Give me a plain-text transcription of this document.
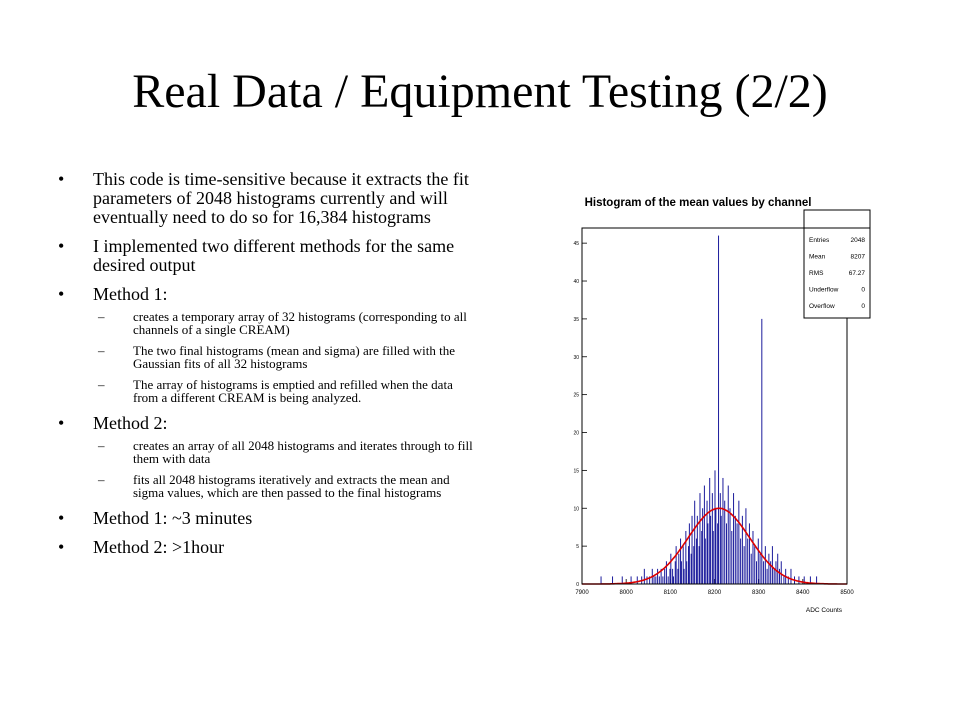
Real Data / Equipment Testing (2/2)
• This code is time-sensitive because it extracts the fit parameters of 2048 histograms currently and will eventually need to do so for 16,384 histograms
• I implemented two different methods for the same desired output
• Method 1:
– creates a temporary array of 32 histograms (corresponding to all channels of a single CREAM)
– The two final histograms (mean and sigma) are filled with the Gaussian fits of all 32 histograms
– The array of histograms is emptied and refilled when the data from a different CREAM is being analyzed.
• Method 2:
– creates an array of all 2048 histograms and iterates through to fill them with data
– fits all 2048 histograms iteratively and extracts the mean and sigma values, which are then passed to the final histograms
• Method 1: ~3 minutes
• Method 2: >1hour
Histogram of the mean values by channel
0
5
10
15
20
25
30
35
40
45
7900	8000	8100	8200	8300	8400	8500
Entries	2048
Mean	8207
RMS	67.27
Underflow	0
Overflow	0
ADC Counts
